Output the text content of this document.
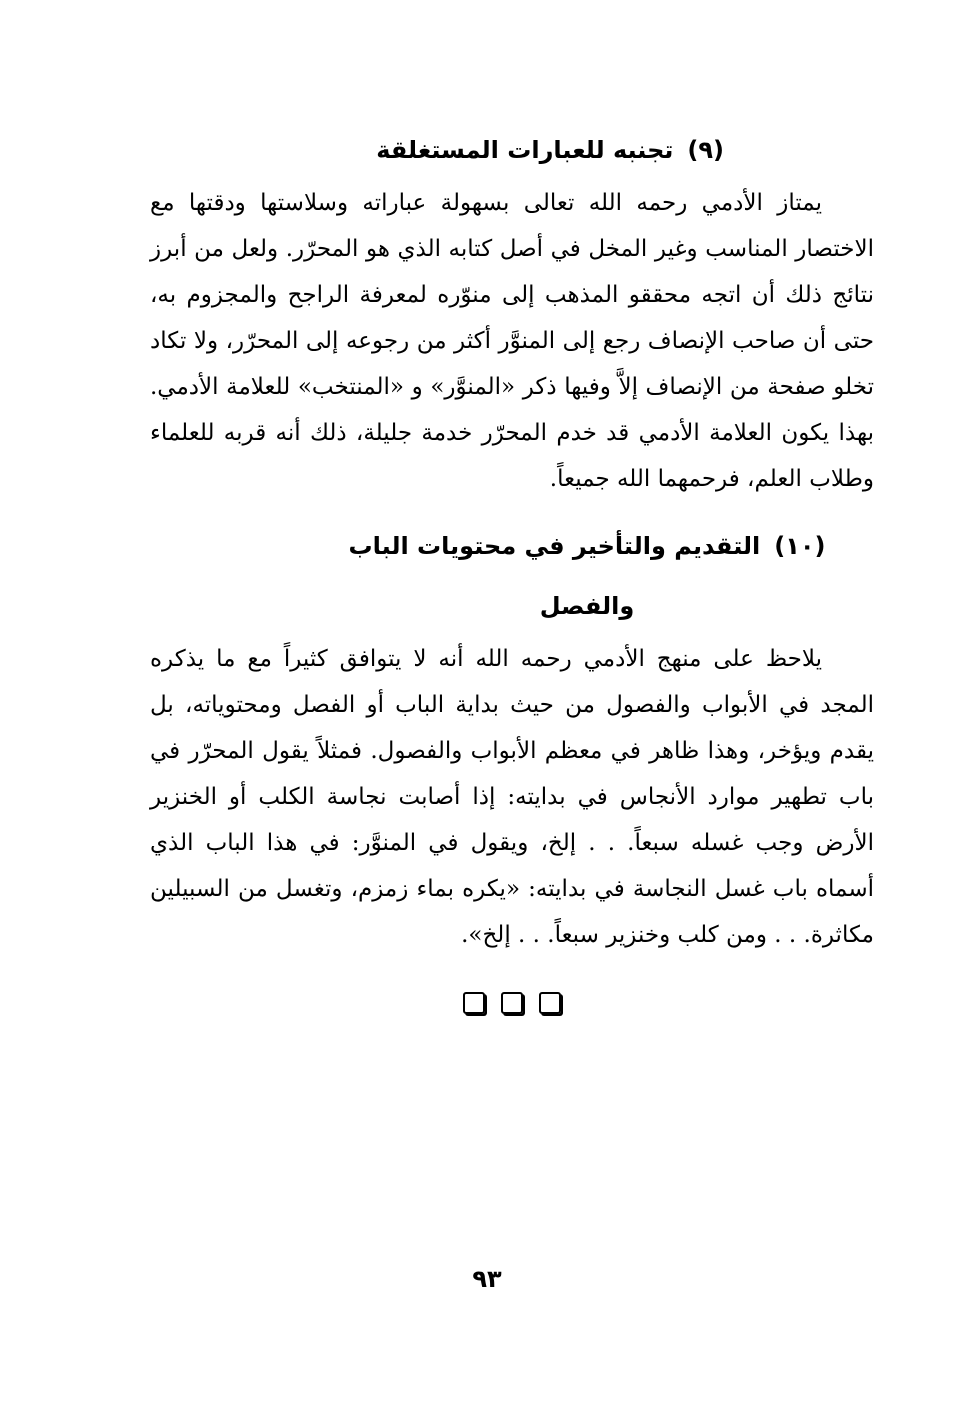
(٩)تجنبه للعبارات المستغلقة

يمتاز الأدمي رحمه الله تعالى بسهولة عباراته وسلاستها ودقتها مع الاختصار المناسب وغير المخل في أصل كتابه الذي هو المحرّر. ولعل من أبرز نتائج ذلك أن اتجه محققو المذهب إلى منوّره لمعرفة الراجح والمجزوم به، حتى أن صاحب الإنصاف رجع إلى المنوَّر أكثر من رجوعه إلى المحرّر، ولا تكاد تخلو صفحة من الإنصاف إلاَّ وفيها ذكر «المنوَّر» و «المنتخب» للعلامة الأدمي. بهذا يكون العلامة الأدمي قد خدم المحرّر خدمة جليلة، ذلك أنه قربه للعلماء وطلاب العلم، فرحمهما الله جميعاً.

(١٠)التقديم والتأخير في محتويات الباب والفصل

يلاحظ على منهج الأدمي رحمه الله أنه لا يتوافق كثيراً مع ما يذكره المجد في الأبواب والفصول من حيث بداية الباب أو الفصل ومحتوياته، بل يقدم ويؤخر، وهذا ظاهر في معظم الأبواب والفصول. فمثلاً يقول المحرّر في باب تطهير موارد الأنجاس في بدايته: إذا أصابت نجاسة الكلب أو الخنزير الأرض وجب غسله سبعاً. . . إلخ، ويقول في المنوَّر: في هذا الباب الذي أسماه باب غسل النجاسة في بدايته: «يكره بماء زمزم، وتغسل من السبيلين مكاثرة. . . ومن كلب وخنزير سبعاً. . . إلخ».

٩٣
